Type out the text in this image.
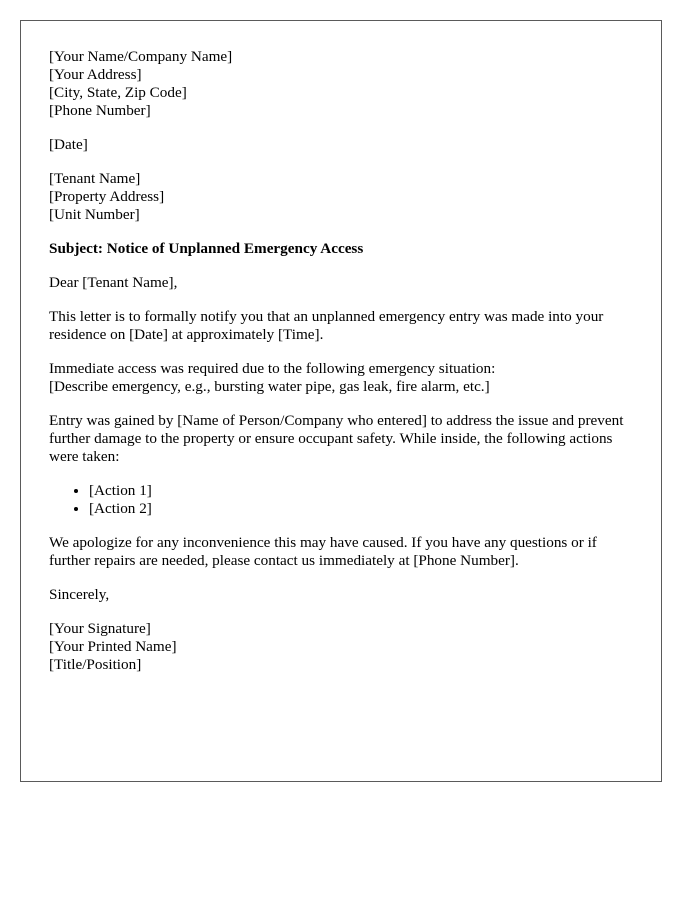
[Your Name/Company Name]
[Your Address]
[City, State, Zip Code]
[Phone Number]
[Date]
[Tenant Name]
[Property Address]
[Unit Number]

Subject: Notice of Unplanned Emergency Access

Dear [Tenant Name],

This letter is to formally notify you that an unplanned emergency entry was made into your residence on [Date] at approximately [Time].

Immediate access was required due to the following emergency situation:
[Describe emergency, e.g., bursting water pipe, gas leak, fire alarm, etc.]

Entry was gained by [Name of Person/Company who entered] to address the issue and prevent further damage to the property or ensure occupant safety. While inside, the following actions were taken:

• [Action 1]
• [Action 2]

We apologize for any inconvenience this may have caused. If you have any questions or if further repairs are needed, please contact us immediately at [Phone Number].

Sincerely,

[Your Signature]
[Your Printed Name]
[Title/Position]
